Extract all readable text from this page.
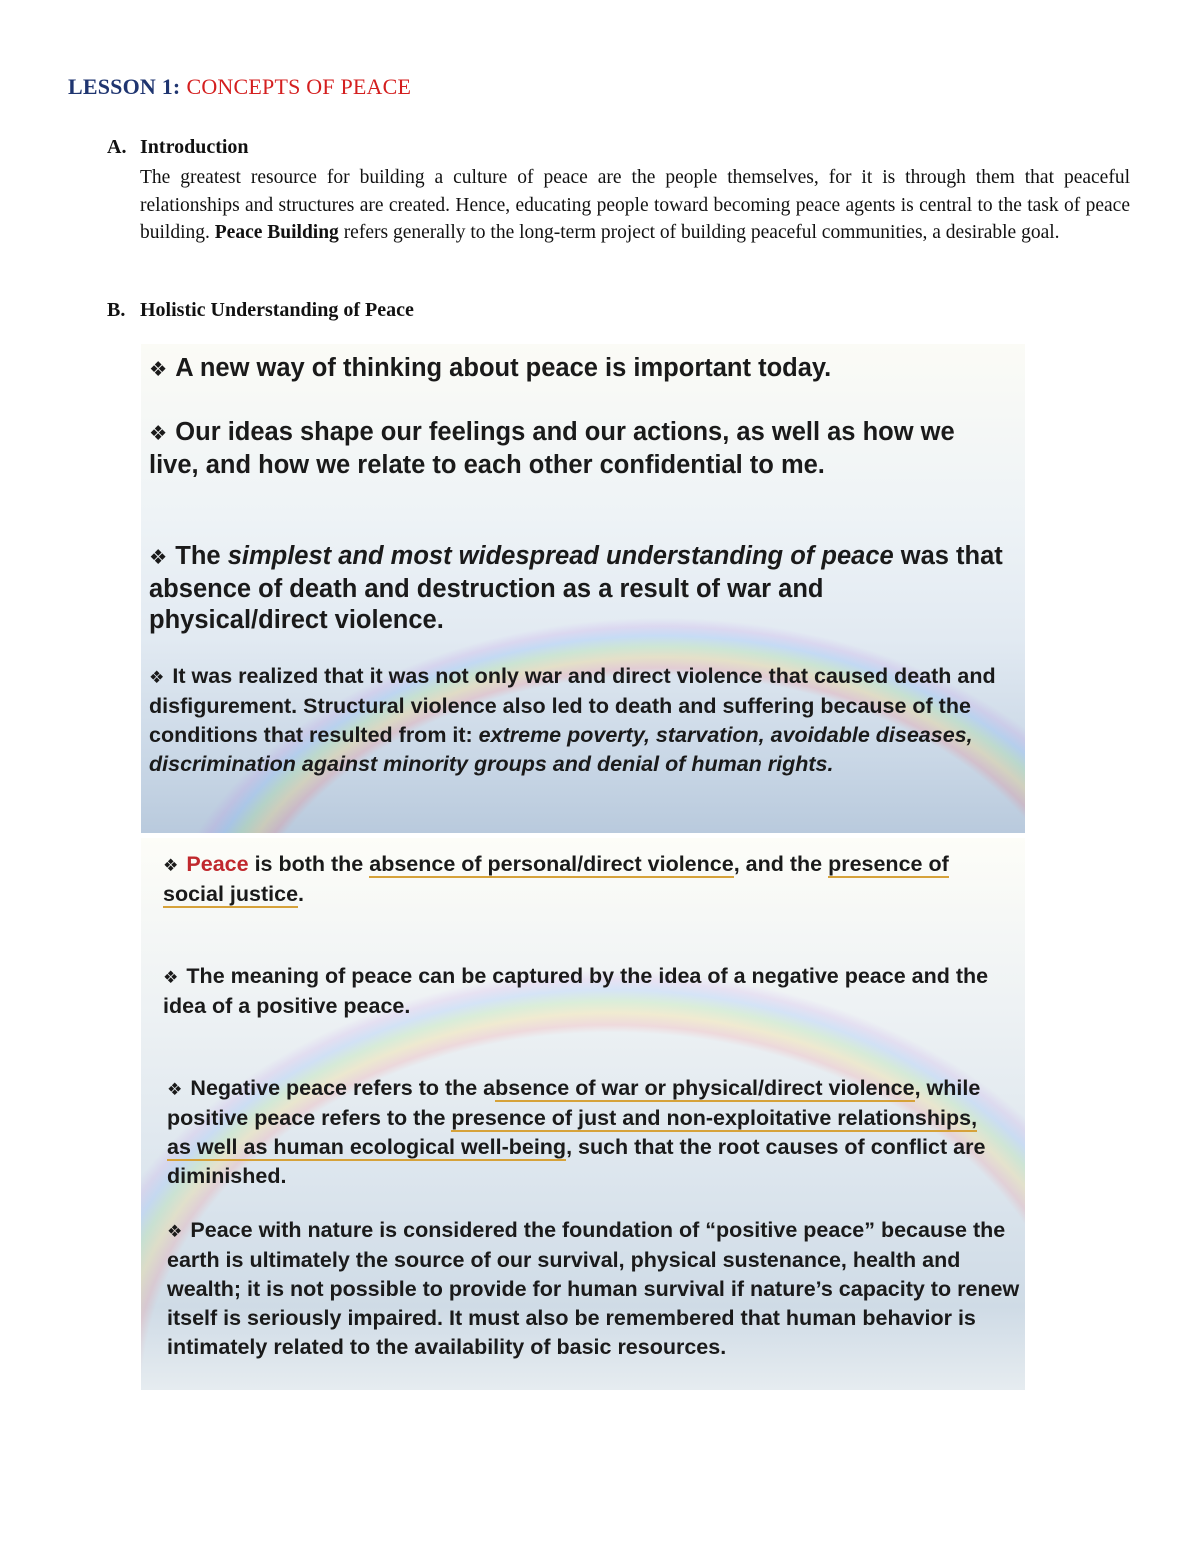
LESSON 1: CONCEPTS OF PEACE
A. Introduction
The greatest resource for building a culture of peace are the people themselves, for it is through them that peaceful relationships and structures are created. Hence, educating people toward becoming peace agents is central to the task of peace building. Peace Building refers generally to the long-term project of building peaceful communities, a desirable goal.
B. Holistic Understanding of Peace
❖ A new way of thinking about peace is important today.
❖ Our ideas shape our feelings and our actions, as well as how we live, and how we relate to each other confidential to me.
❖ The simplest and most widespread understanding of peace was that absence of death and destruction as a result of war and physical/direct violence.
❖ It was realized that it was not only war and direct violence that caused death and disfigurement. Structural violence also led to death and suffering because of the conditions that resulted from it: extreme poverty, starvation, avoidable diseases, discrimination against minority groups and denial of human rights.
❖ Peace is both the absence of personal/direct violence, and the presence of social justice.
❖ The meaning of peace can be captured by the idea of a negative peace and the idea of a positive peace.
❖ Negative peace refers to the absence of war or physical/direct violence, while positive peace refers to the presence of just and non-exploitative relationships, as well as human ecological well-being, such that the root causes of conflict are diminished.
❖ Peace with nature is considered the foundation of “positive peace” because the earth is ultimately the source of our survival, physical sustenance, health and wealth; it is not possible to provide for human survival if nature’s capacity to renew itself is seriously impaired. It must also be remembered that human behavior is intimately related to the availability of basic resources.
